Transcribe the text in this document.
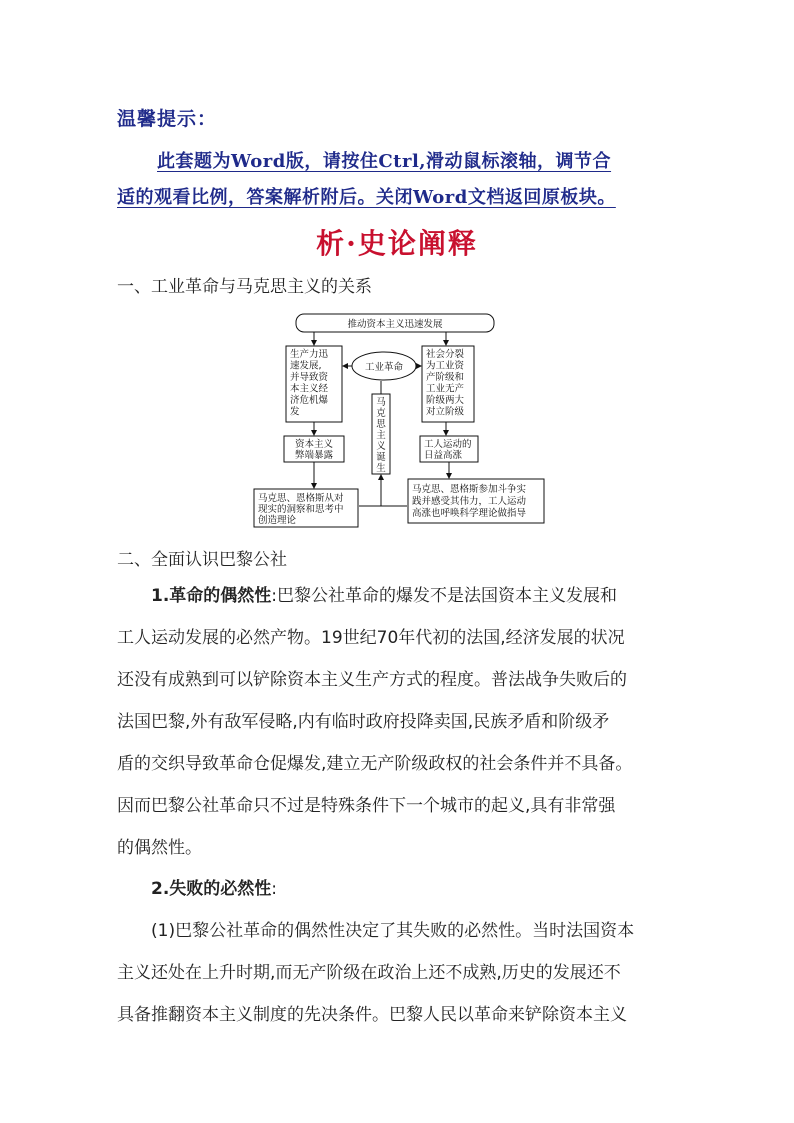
温馨提示：
此套题为Word版，请按住Ctrl,滑动鼠标滚轴，调节合
适的观看比例，答案解析附后。关闭Word文档返回原板块。
析·史论阐释
一、工业革命与马克思主义的关系
推动资本主义迅速发展
生产力迅
速发展,
并导致资
本主义经
济危机爆
发
社会分裂
为工业资
产阶级和
工业无产
阶级两大
对立阶级
工业革命
马
克
思
主
义
诞
生
资本主义
弊端暴露
工人运动的
日益高涨
马克思、恩格斯从对
现实的洞察和思考中
创造理论
马克思、恩格斯参加斗争实
践并感受其伟力，工人运动
高涨也呼唤科学理论做指导
二、全面认识巴黎公社
1.革命的偶然性:巴黎公社革命的爆发不是法国资本主义发展和
工人运动发展的必然产物。19世纪70年代初的法国,经济发展的状况
还没有成熟到可以铲除资本主义生产方式的程度。普法战争失败后的
法国巴黎,外有敌军侵略,内有临时政府投降卖国,民族矛盾和阶级矛
盾的交织导致革命仓促爆发,建立无产阶级政权的社会条件并不具备。
因而巴黎公社革命只不过是特殊条件下一个城市的起义,具有非常强
的偶然性。
2.失败的必然性:
(1)巴黎公社革命的偶然性决定了其失败的必然性。当时法国资本
主义还处在上升时期,而无产阶级在政治上还不成熟,历史的发展还不
具备推翻资本主义制度的先决条件。巴黎人民以革命来铲除资本主义
